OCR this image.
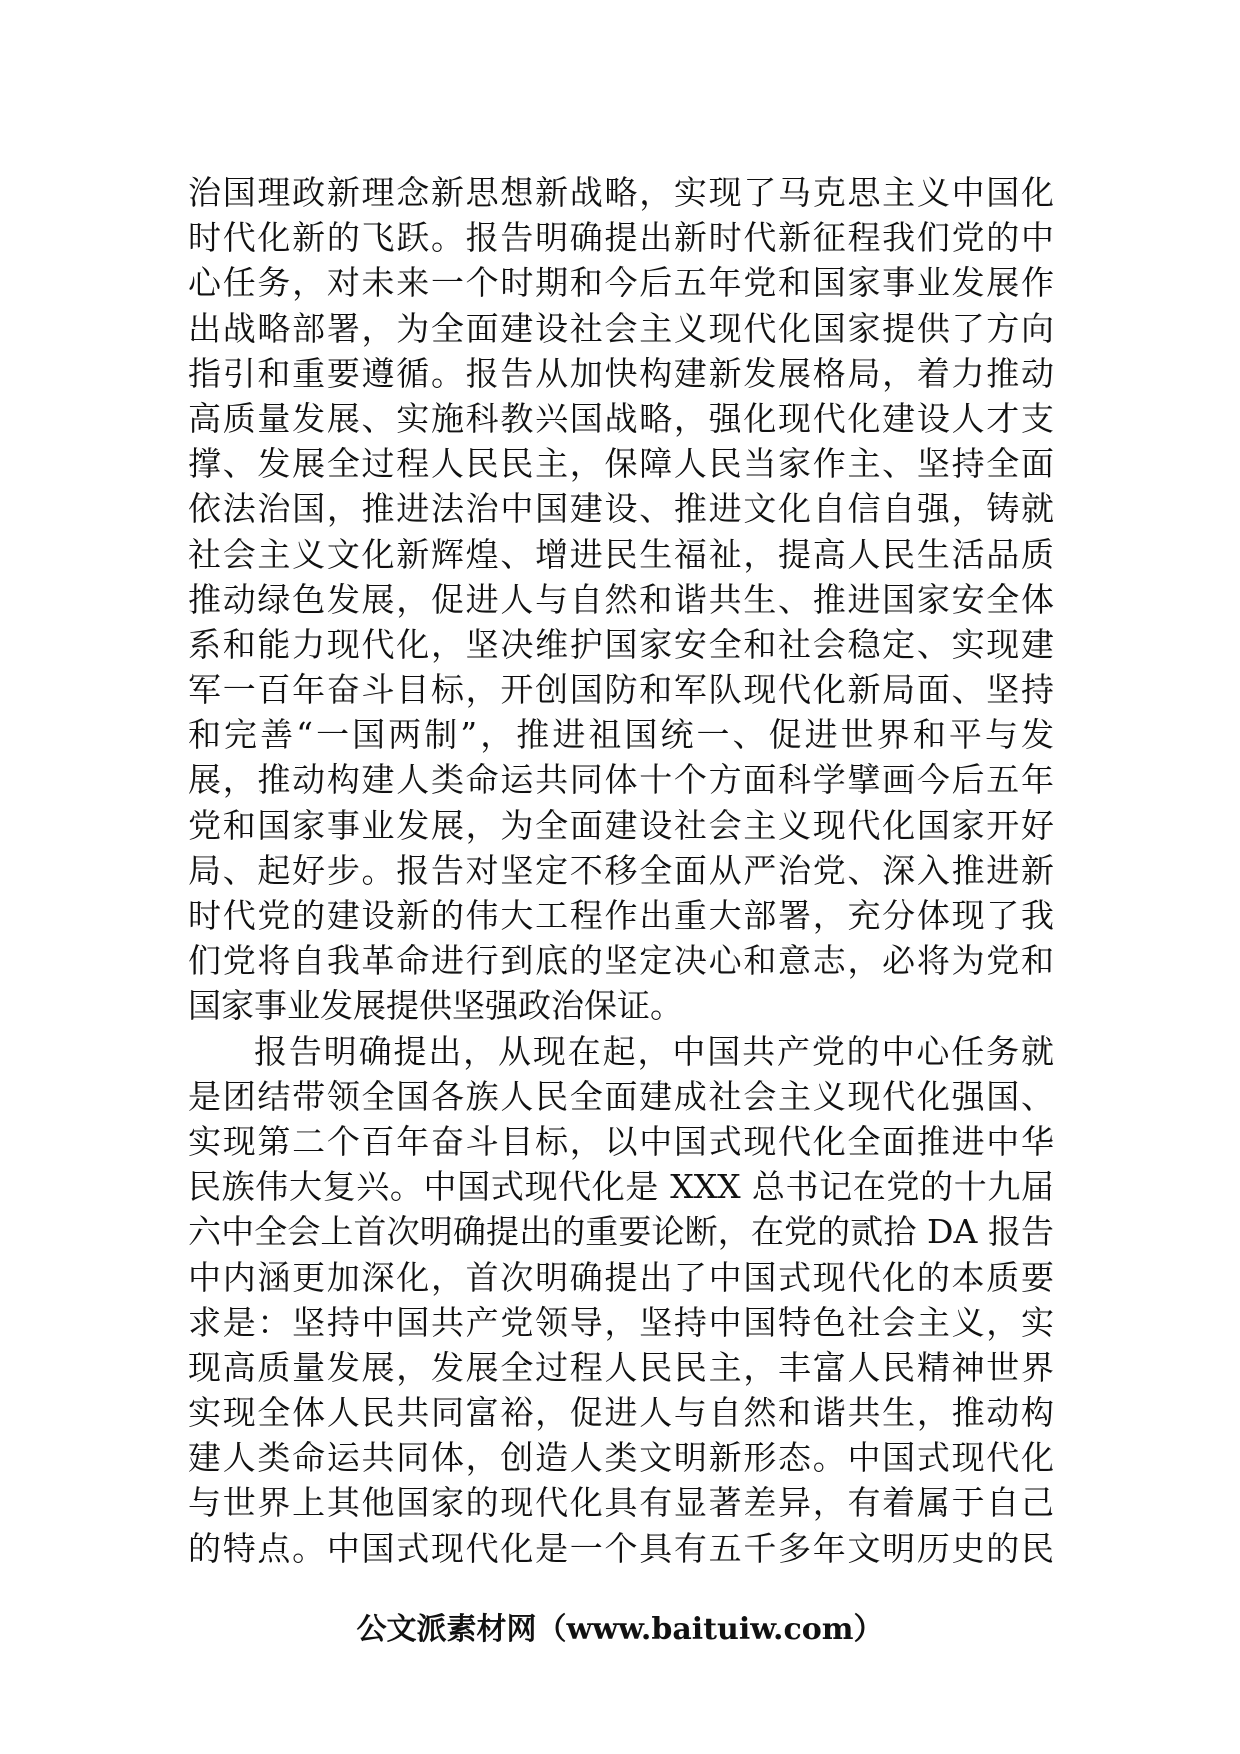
治国理政新理念新思想新战略，实现了马克思主义中国化
时代化新的飞跃。报告明确提出新时代新征程我们党的中
心任务，对未来一个时期和今后五年党和国家事业发展作
出战略部署，为全面建设社会主义现代化国家提供了方向
指引和重要遵循。报告从加快构建新发展格局，着力推动
高质量发展、实施科教兴国战略，强化现代化建设人才支
撑、发展全过程人民民主，保障人民当家作主、坚持全面
依法治国，推进法治中国建设、推进文化自信自强，铸就
社会主义文化新辉煌、增进民生福祉，提高人民生活品质
推动绿色发展，促进人与自然和谐共生、推进国家安全体
系和能力现代化，坚决维护国家安全和社会稳定、实现建
军一百年奋斗目标，开创国防和军队现代化新局面、坚持
和完善“一国两制”，推进祖国统一、促进世界和平与发
展，推动构建人类命运共同体十个方面科学擘画今后五年
党和国家事业发展，为全面建设社会主义现代化国家开好
局、起好步。报告对坚定不移全面从严治党、深入推进新
时代党的建设新的伟大工程作出重大部署，充分体现了我
们党将自我革命进行到底的坚定决心和意志，必将为党和
国家事业发展提供坚强政治保证。
报告明确提出，从现在起，中国共产党的中心任务就
是团结带领全国各族人民全面建成社会主义现代化强国、
实现第二个百年奋斗目标，以中国式现代化全面推进中华
民族伟大复兴。中国式现代化是 XXX 总书记在党的十九届
六中全会上首次明确提出的重要论断，在党的贰拾 DA 报告
中内涵更加深化，首次明确提出了中国式现代化的本质要
求是：坚持中国共产党领导，坚持中国特色社会主义，实
现高质量发展，发展全过程人民民主，丰富人民精神世界
实现全体人民共同富裕，促进人与自然和谐共生，推动构
建人类命运共同体，创造人类文明新形态。中国式现代化
与世界上其他国家的现代化具有显著差异，有着属于自己
的特点。中国式现代化是一个具有五千多年文明历史的民
公文派素材网（www.baituiw.com）
